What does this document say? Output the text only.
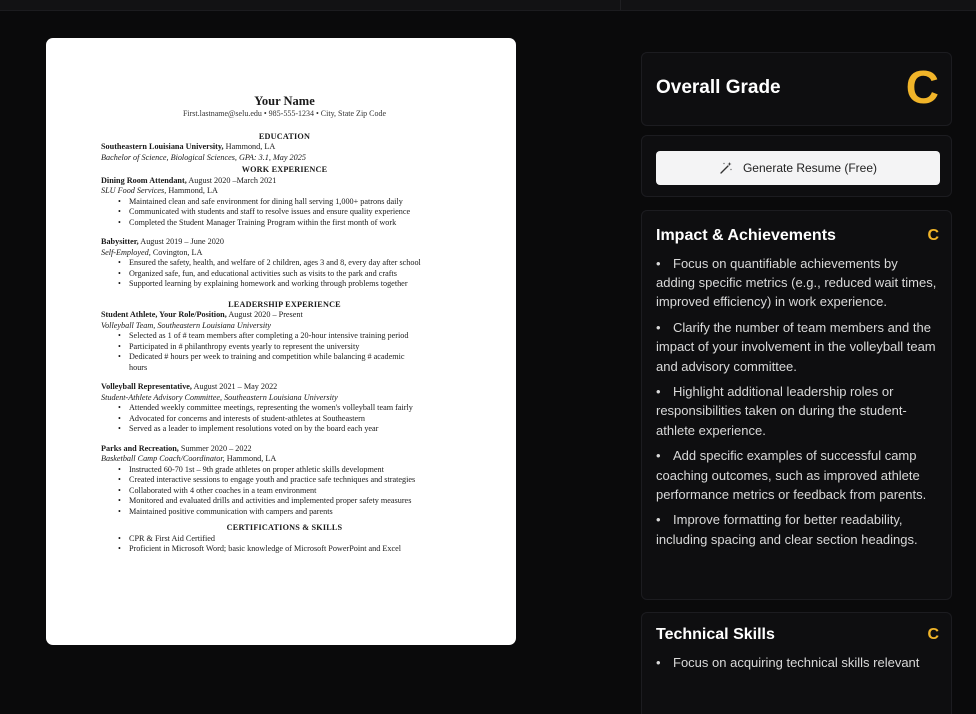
Your Name
First.lastname@selu.edu • 985-555-1234 • City, State Zip Code
EDUCATION
Southeastern Louisiana University, Hammond, LA
Bachelor of Science, Biological Sciences, GPA: 3.1, May 2025
WORK EXPERIENCE
Dining Room Attendant, August 2020 –March 2021
SLU Food Services, Hammond, LA
• Maintained clean and safe environment for dining hall serving 1,000+ patrons daily
• Communicated with students and staff to resolve issues and ensure quality experience
• Completed the Student Manager Training Program within the first month of work
Babysitter, August 2019 – June 2020
Self-Employed, Covington, LA
• Ensured the safety, health, and welfare of 2 children, ages 3 and 8, every day after school
• Organized safe, fun, and educational activities such as visits to the park and crafts
• Supported learning by explaining homework and working through problems together
LEADERSHIP EXPERIENCE
Student Athlete, Your Role/Position, August 2020 – Present
Volleyball Team, Southeastern Louisiana University
• Selected as 1 of # team members after completing a 20-hour intensive training period
• Participated in # philanthropy events yearly to represent the university
• Dedicated # hours per week to training and competition while balancing # academic
hours
Volleyball Representative, August 2021 – May 2022
Student-Athlete Advisory Committee, Southeastern Louisiana University
• Attended weekly committee meetings, representing the women's volleyball team fairly
• Advocated for concerns and interests of student-athletes at Southeastern
• Served as a leader to implement resolutions voted on by the board each year
Parks and Recreation, Summer 2020 – 2022
Basketball Camp Coach/Coordinator, Hammond, LA
• Instructed 60-70 1st – 9th grade athletes on proper athletic skills development
• Created interactive sessions to engage youth and practice safe techniques and strategies
• Collaborated with 4 other coaches in a team environment
• Monitored and evaluated drills and activities and implemented proper safety measures
• Maintained positive communication with campers and parents
CERTIFICATIONS & SKILLS
• CPR & First Aid Certified
• Proficient in Microsoft Word; basic knowledge of Microsoft PowerPoint and Excel
Overall Grade	C
Generate Resume (Free)
Impact & Achievements	C
• Focus on quantifiable achievements by adding specific metrics (e.g., reduced wait times, improved efficiency) in work experience.
• Clarify the number of team members and the impact of your involvement in the volleyball team and advisory committee.
• Highlight additional leadership roles or responsibilities taken on during the student-athlete experience.
• Add specific examples of successful camp coaching outcomes, such as improved athlete performance metrics or feedback from parents.
• Improve formatting for better readability, including spacing and clear section headings.
Technical Skills	C
• Focus on acquiring technical skills relevant
